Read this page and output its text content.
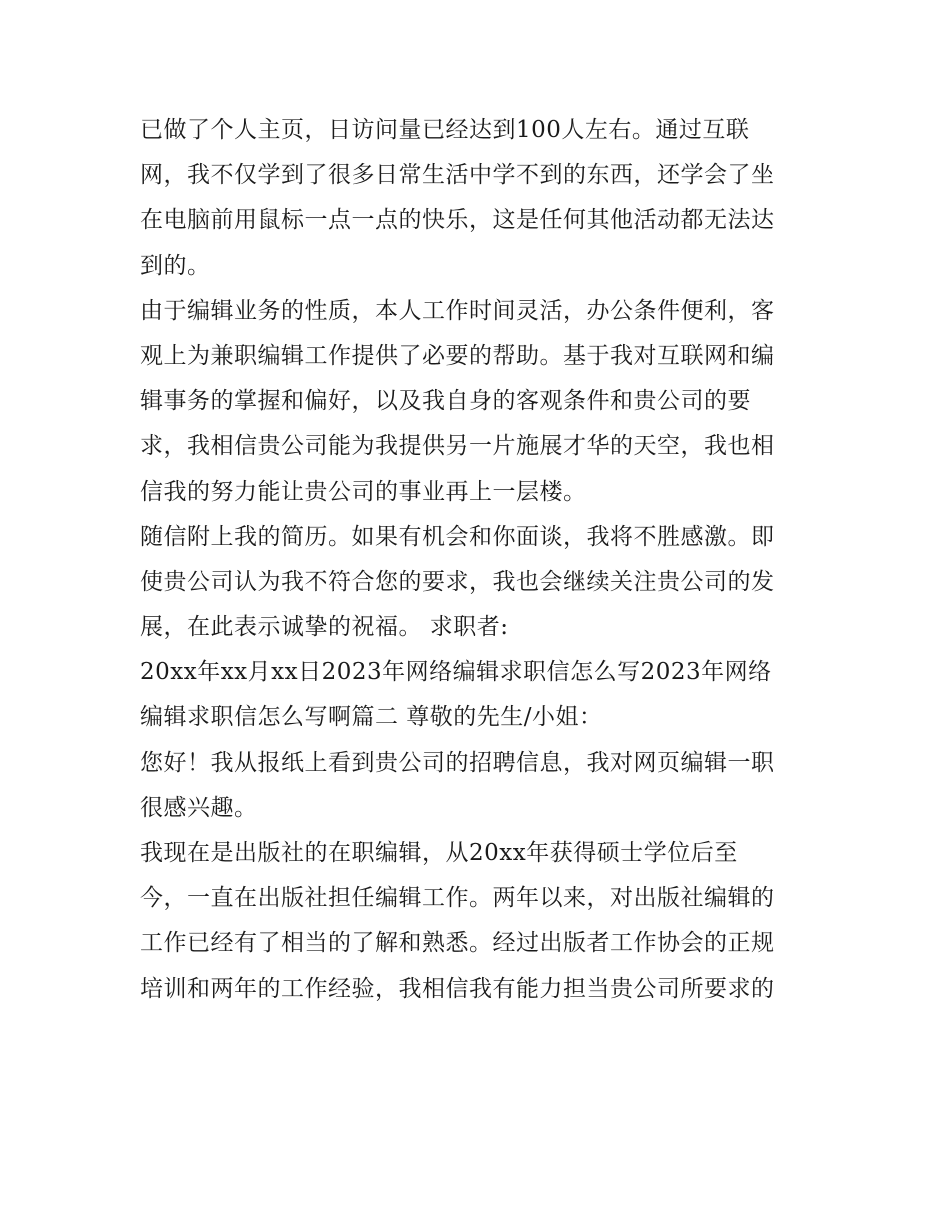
已做了个人主页，日访问量已经达到100人左右。通过互联
网，我不仅学到了很多日常生活中学不到的东西，还学会了坐
在电脑前用鼠标一点一点的快乐，这是任何其他活动都无法达
到的。
由于编辑业务的性质，本人工作时间灵活，办公条件便利，客
观上为兼职编辑工作提供了必要的帮助。基于我对互联网和编
辑事务的掌握和偏好，以及我自身的客观条件和贵公司的要
求，我相信贵公司能为我提供另一片施展才华的天空，我也相
信我的努力能让贵公司的事业再上一层楼。
随信附上我的简历。如果有机会和你面谈，我将不胜感激。即
使贵公司认为我不符合您的要求，我也会继续关注贵公司的发
展，在此表示诚挚的祝福。 求职者:
20xx年xx月xx日2023年网络编辑求职信怎么写2023年网络
编辑求职信怎么写啊篇二 尊敬的先生/小姐：
您好！我从报纸上看到贵公司的招聘信息，我对网页编辑一职
很感兴趣。
我现在是出版社的在职编辑，从20xx年获得硕士学位后至
今，一直在出版社担任编辑工作。两年以来，对出版社编辑的
工作已经有了相当的了解和熟悉。经过出版者工作协会的正规
培训和两年的工作经验，我相信我有能力担当贵公司所要求的
